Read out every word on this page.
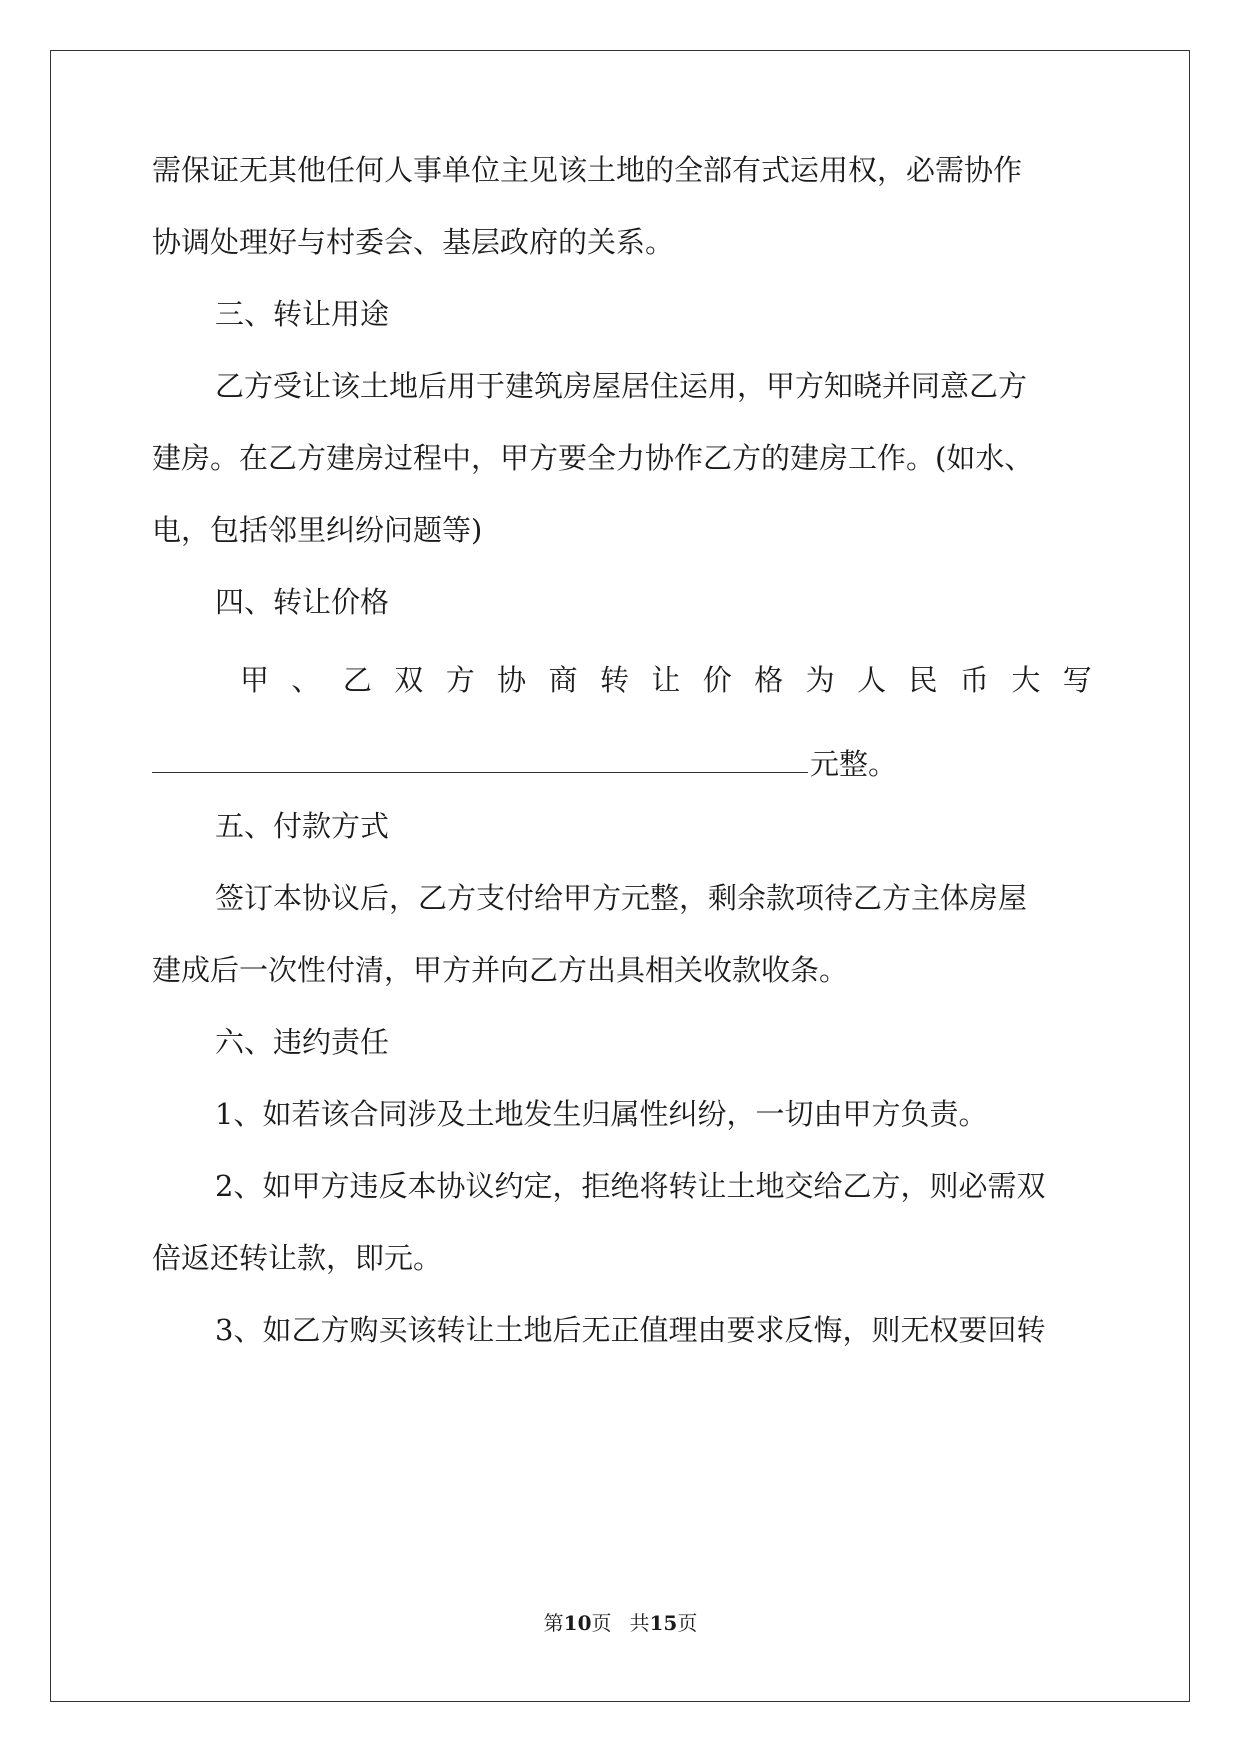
需保证无其他任何人事单位主见该土地的全部有式运用权，必需协作

协调处理好与村委会、基层政府的关系。

三、转让用途

乙方受让该土地后用于建筑房屋居住运用，甲方知晓并同意乙方

建房。在乙方建房过程中，甲方要全力协作乙方的建房工作。(如水、

电，包括邻里纠纷问题等)

四、转让价格

甲 、 乙 双 方 协 商 转 让 价 格 为 人 民 币 大 写

元整。

五、付款方式

签订本协议后，乙方支付给甲方元整，剩余款项待乙方主体房屋

建成后一次性付清，甲方并向乙方出具相关收款收条。

六、违约责任

1、如若该合同涉及土地发生归属性纠纷，一切由甲方负责。

2、如甲方违反本协议约定，拒绝将转让土地交给乙方，则必需双

倍返还转让款，即元。

3、如乙方购买该转让土地后无正值理由要求反悔，则无权要回转

第10页 共15页
